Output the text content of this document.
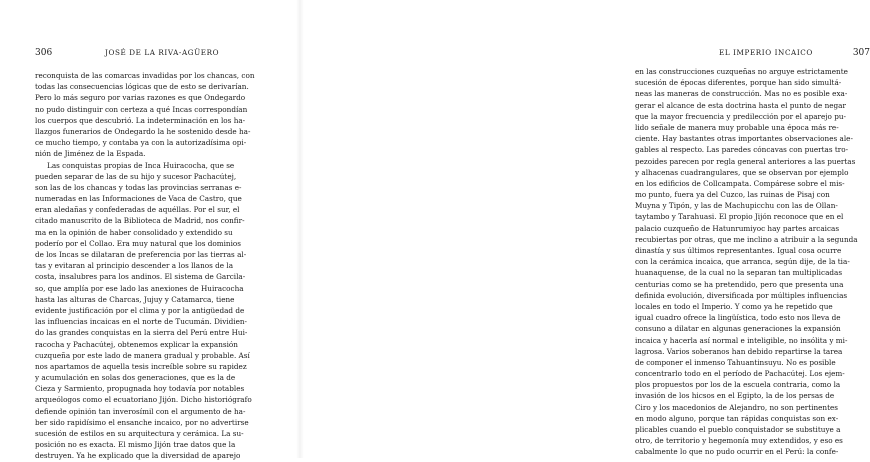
306	JOSÉ DE LA RIVA-AGÜERO
reconquista de las comarcas invadidas por los chancas, con
todas las consecuencias lógicas que de esto se derivarían.
Pero lo más seguro por varias razones es que Ondegardo
no pudo distinguir con certeza a qué Incas correspondían
los cuerpos que descubrió. La indeterminación en los ha-
llazgos funerarios de Ondegardo la he sostenido desde ha-
ce mucho tiempo, y contaba ya con la autorizadísima opi-
nión de Jiménez de la Espada.
Las conquistas propias de Inca Huiracocha, que se
pueden separar de las de su hijo y sucesor Pachacútej,
son las de los chancas y todas las provincias serranas e-
numeradas en las Informaciones de Vaca de Castro, que
eran aledañas y confederadas de aquéllas. Por el sur, el
citado manuscrito de la Biblioteca de Madrid, nos confir-
ma en la opinión de haber consolidado y extendido su
poderío por el Collao. Era muy natural que los dominios
de los Incas se dilataran de preferencia por las tierras al-
tas y evitaran al principio descender a los llanos de la
costa, insalubres para los andinos. El sistema de Garcila-
so, que amplía por ese lado las anexiones de Huiracocha
hasta las alturas de Charcas, Jujuy y Catamarca, tiene
evidente justificación por el clima y por la antigüedad de
las influencias incaicas en el norte de Tucumán. Dividien-
do las grandes conquistas en la sierra del Perú entre Hui-
racocha y Pachacútej, obtenemos explicar la expansión
cuzqueña por este lado de manera gradual y probable. Así
nos apartamos de aquella tesis increíble sobre su rapidez
y acumulación en solas dos generaciones, que es la de
Cieza y Sarmiento, propugnada hoy todavía por notables
arqueólogos como el ecuatoriano Jijón. Dicho historiógrafo
defiende opinión tan inverosímil con el argumento de ha-
ber sido rapidísimo el ensanche incaico, por no advertirse
sucesión de estilos en su arquitectura y cerámica. La su-
posición no es exacta. El mismo Jijón trae datos que la
destruyen. Ya he explicado que la diversidad de aparejo
EL IMPERIO INCAICO	307
en las construcciones cuzqueñas no arguye estrictamente
sucesión de épocas diferentes, porque han sido simultá-
neas las maneras de construcción. Mas no es posible exa-
gerar el alcance de esta doctrina hasta el punto de negar
que la mayor frecuencia y predilección por el aparejo pu-
lido señale de manera muy probable una época más re-
ciente. Hay bastantes otras importantes observaciones ale-
gables al respecto. Las paredes cóncavas con puertas tro-
pezoides parecen por regla general anteriores a las puertas
y alhacenas cuadrangulares, que se observan por ejemplo
en los edificios de Collcampata. Compárese sobre el mis-
mo punto, fuera ya del Cuzco, las ruinas de Pisaj con
Muyna y Tipón, y las de Machupicchu con las de Ollan-
taytambo y Tarahuasi. El propio Jijón reconoce que en el
palacio cuzqueño de Hatunrumiyoc hay partes arcaicas
recubiertas por otras, que me inclino a atribuir a la segunda
dinastía y sus últimos representantes. Igual cosa ocurre
con la cerámica incaica, que arranca, según dije, de la tia-
huanaquense, de la cual no la separan tan multiplicadas
centurias como se ha pretendido, pero que presenta una
definida evolución, diversificada por múltiples influencias
locales en todo el Imperio. Y como ya he repetido que
igual cuadro ofrece la lingüística, todo esto nos lleva de
consuno a dilatar en algunas generaciones la expansión
incaica y hacerla así normal e inteligible, no insólita y mi-
lagrosa. Varios soberanos han debido repartirse la tarea
de componer el inmenso Tahuantinsuyu. No es posible
concentrarlo todo en el período de Pachacútej. Los ejem-
plos propuestos por los de la escuela contraria, como la
invasión de los hicsos en el Egipto, la de los persas de
Ciro y los macedonios de Alejandro, no son pertinentes
en modo alguno, porque tan rápidas conquistas son ex-
plicables cuando el pueblo conquistador se substituye a
otro, de territorio y hegemonía muy extendidos, y eso es
cabalmente lo que no pudo ocurrir en el Perú: la confe-
